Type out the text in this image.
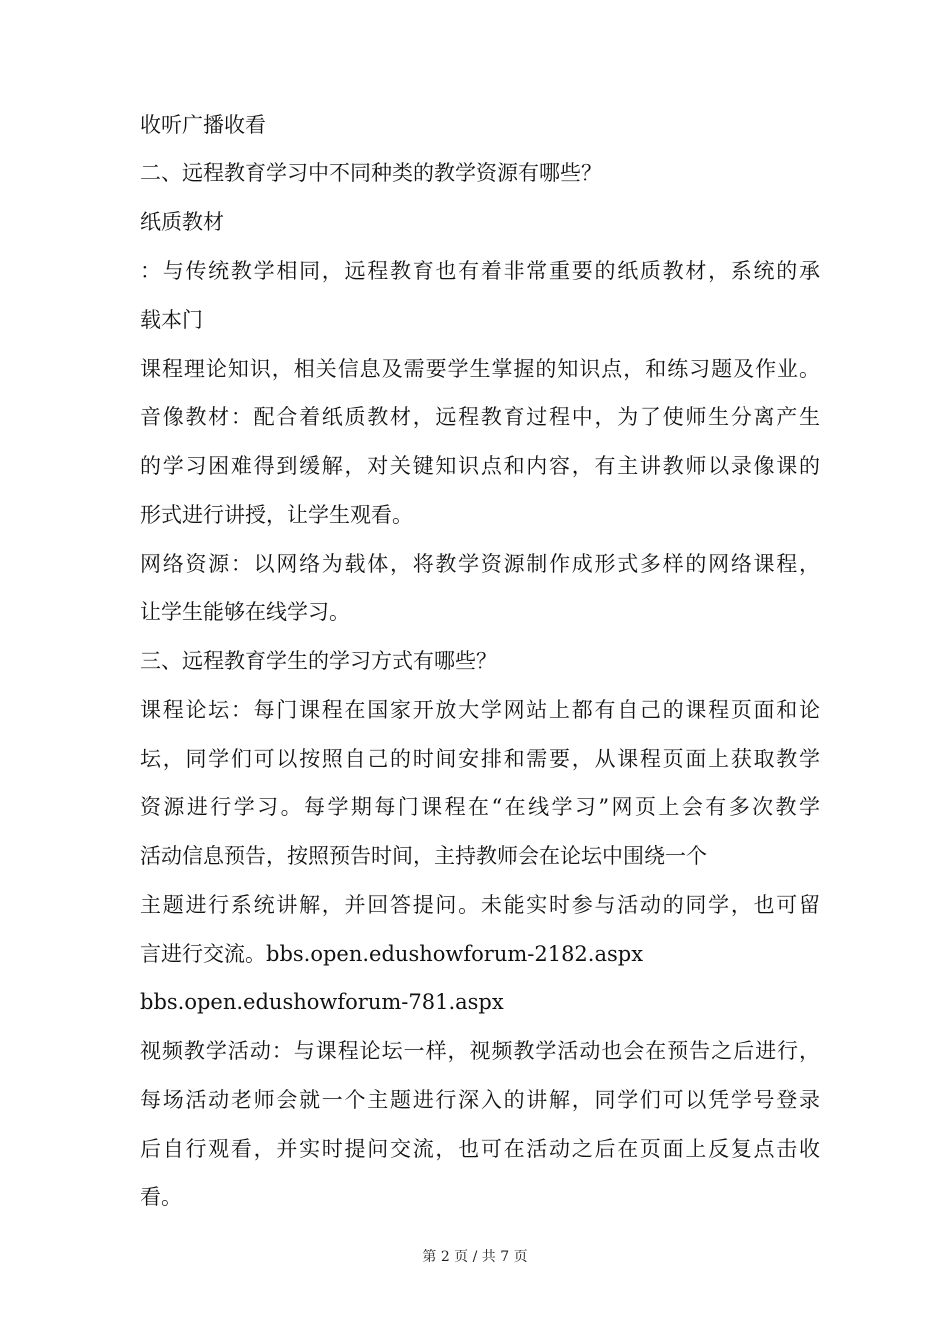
收听广播收看
二、远程教育学习中不同种类的教学资源有哪些？
纸质教材
：与传统教学相同，远程教育也有着非常重要的纸质教材，系统的承
载本门
课程理论知识，相关信息及需要学生掌握的知识点，和练习题及作业。
音像教材：配合着纸质教材，远程教育过程中，为了使师生分离产生
的学习困难得到缓解，对关键知识点和内容，有主讲教师以录像课的
形式进行讲授，让学生观看。
网络资源：以网络为载体，将教学资源制作成形式多样的网络课程，
让学生能够在线学习。
三、远程教育学生的学习方式有哪些？
课程论坛：每门课程在国家开放大学网站上都有自己的课程页面和论
坛，同学们可以按照自己的时间安排和需要，从课程页面上获取教学
资源进行学习。每学期每门课程在“在线学习”网页上会有多次教学
活动信息预告，按照预告时间，主持教师会在论坛中围绕一个
主题进行系统讲解，并回答提问。未能实时参与活动的同学，也可留
言进行交流。bbs.open.edushowforum-2182.aspx
bbs.open.edushowforum-781.aspx
视频教学活动：与课程论坛一样，视频教学活动也会在预告之后进行，
每场活动老师会就一个主题进行深入的讲解，同学们可以凭学号登录
后自行观看，并实时提问交流，也可在活动之后在页面上反复点击收
看。
第 2 页 / 共 7 页
